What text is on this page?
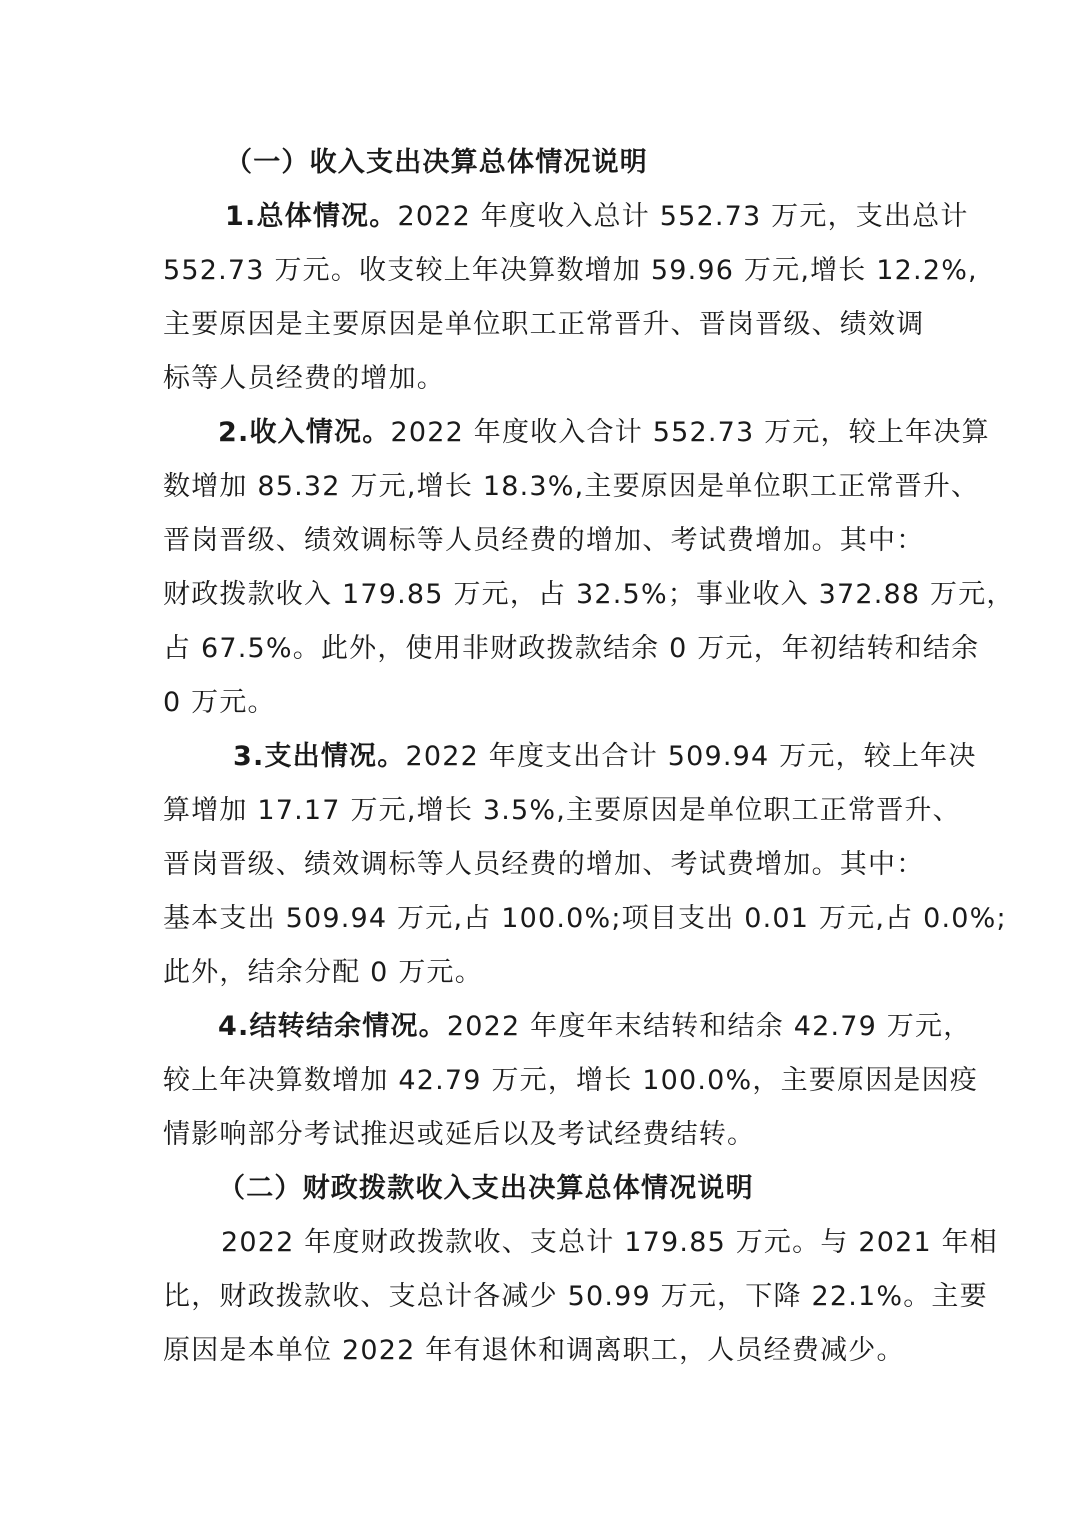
（一）收入支出决算总体情况说明
1.总体情况。2022 年度收入总计 552.73 万元，支出总计
552.73 万元。收支较上年决算数增加 59.96 万元,增长 12.2%,
主要原因是主要原因是单位职工正常晋升、晋岗晋级、绩效调
标等人员经费的增加。
2.收入情况。2022 年度收入合计 552.73 万元，较上年决算
数增加 85.32 万元,增长 18.3%,主要原因是单位职工正常晋升、
晋岗晋级、绩效调标等人员经费的增加、考试费增加。其中：
财政拨款收入 179.85 万元，占 32.5%；事业收入 372.88 万元，
占 67.5%。此外，使用非财政拨款结余 0 万元，年初结转和结余
0 万元。
3.支出情况。2022 年度支出合计 509.94 万元，较上年决
算增加 17.17 万元,增长 3.5%,主要原因是单位职工正常晋升、
晋岗晋级、绩效调标等人员经费的增加、考试费增加。其中：
基本支出 509.94 万元,占 100.0%;项目支出 0.01 万元,占 0.0%;
此外，结余分配 0 万元。
4.结转结余情况。2022 年度年末结转和结余 42.79 万元，
较上年决算数增加 42.79 万元，增长 100.0%，主要原因是因疫
情影响部分考试推迟或延后以及考试经费结转。
（二）财政拨款收入支出决算总体情况说明
2022 年度财政拨款收、支总计 179.85 万元。与 2021 年相
比，财政拨款收、支总计各减少 50.99 万元，下降 22.1%。主要
原因是本单位 2022 年有退休和调离职工，人员经费减少。
